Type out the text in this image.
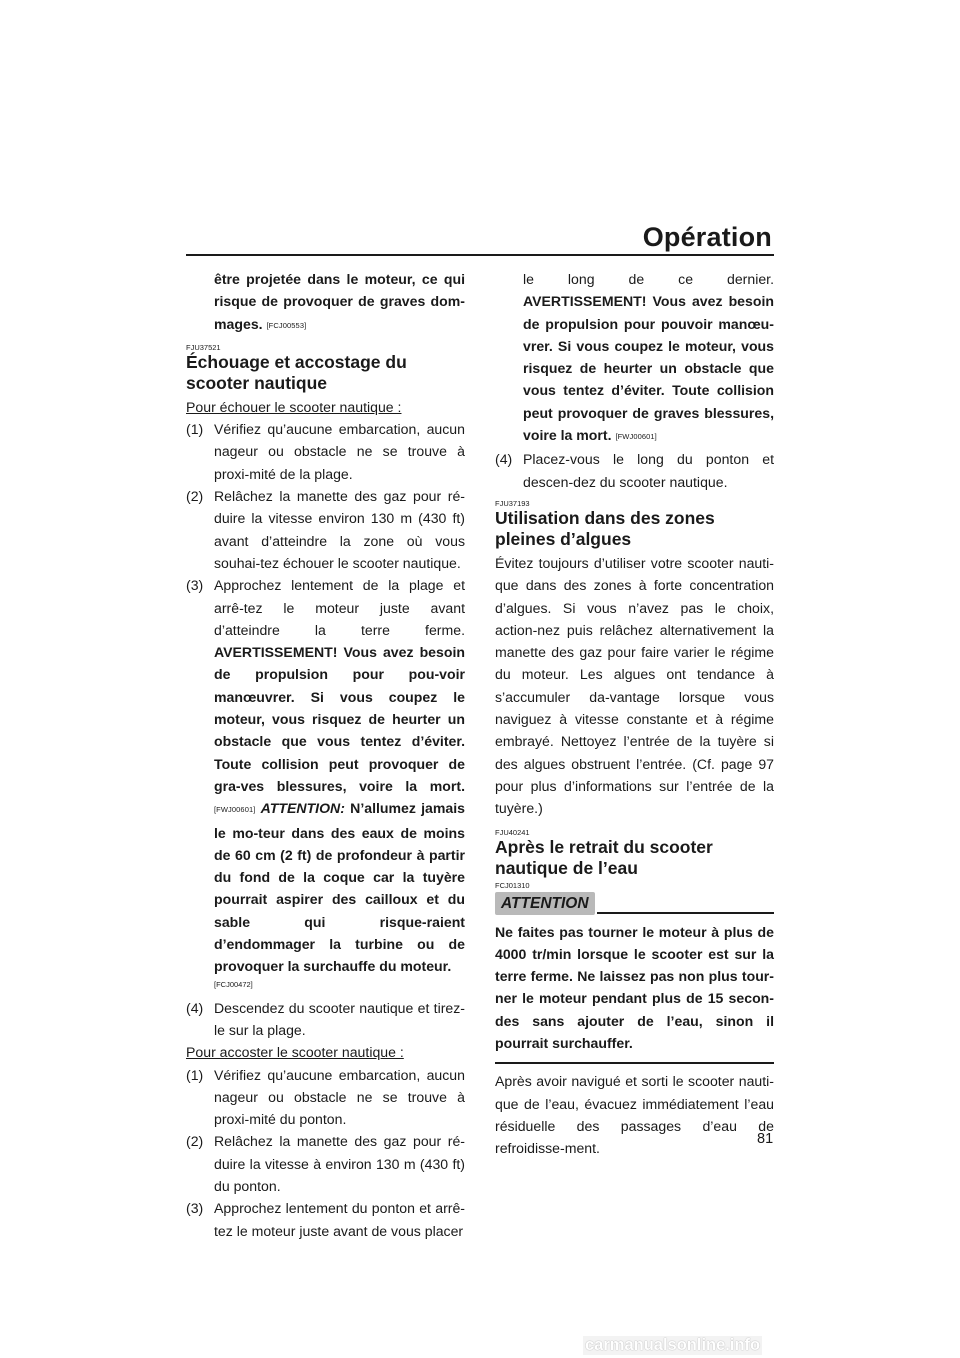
Opération

être projetée dans le moteur, ce qui risque de provoquer de graves dom-mages. [FCJ00553]

FJU37521
Échouage et accostage du scooter nautique

Pour échouer le scooter nautique :

(1) Vérifiez qu’aucune embarcation, aucun nageur ou obstacle ne se trouve à proxi-mité de la plage.

(2) Relâchez la manette des gaz pour ré-duire la vitesse environ 130 m (430 ft) avant d’atteindre la zone où vous souhai-tez échouer le scooter nautique.

(3) Approchez lentement de la plage et arrê-tez le moteur juste avant d’atteindre la terre ferme. AVERTISSEMENT! Vous avez besoin de propulsion pour pou-voir manœuvrer. Si vous coupez le moteur, vous risquez de heurter un obstacle que vous tentez d’éviter. Toute collision peut provoquer de gra-ves blessures, voire la mort. [FWJ00601] ATTENTION: N’allumez jamais le mo-teur dans des eaux de moins de 60 cm (2 ft) de profondeur à partir du fond de la coque car la tuyère pourrait aspirer des cailloux et du sable qui risque-raient d’endommager la turbine ou de provoquer la surchauffe du moteur.

[FCJ00472]

(4) Descendez du scooter nautique et tirez-le sur la plage.

Pour accoster le scooter nautique :

(1) Vérifiez qu’aucune embarcation, aucun nageur ou obstacle ne se trouve à proxi-mité du ponton.

(2) Relâchez la manette des gaz pour ré-duire la vitesse à environ 130 m (430 ft) du ponton.

(3) Approchez lentement du ponton et arrê-tez le moteur juste avant de vous placer

le long de ce dernier. AVERTISSEMENT! Vous avez besoin de propulsion pour pouvoir manœu-vrer. Si vous coupez le moteur, vous risquez de heurter un obstacle que vous tentez d’éviter. Toute collision peut provoquer de graves blessures, voire la mort. [FWJ00601]

(4) Placez-vous le long du ponton et descen-dez du scooter nautique.

FJU37193
Utilisation dans des zones pleines d’algues

Évitez toujours d’utiliser votre scooter nauti-que dans des zones à forte concentration d’algues. Si vous n’avez pas le choix, action-nez puis relâchez alternativement la manette des gaz pour faire varier le régime du moteur. Les algues ont tendance à s’accumuler da-vantage lorsque vous naviguez à vitesse constante et à régime embrayé. Nettoyez l’entrée de la tuyère si des algues obstruent l’entrée. (Cf. page 97 pour plus d’informations sur l’entrée de la tuyère.)

FJU40241
Après le retrait du scooter nautique de l’eau
FCJ01310
ATTENTION

Ne faites pas tourner le moteur à plus de 4000 tr/min lorsque le scooter est sur la terre ferme. Ne laissez pas non plus tour-ner le moteur pendant plus de 15 secon-des sans ajouter de l’eau, sinon il pourrait surchauffer.

Après avoir navigué et sorti le scooter nauti-que de l’eau, évacuez immédiatement l’eau résiduelle des passages d’eau de refroidisse-ment.

81
carmanualsonline.info
